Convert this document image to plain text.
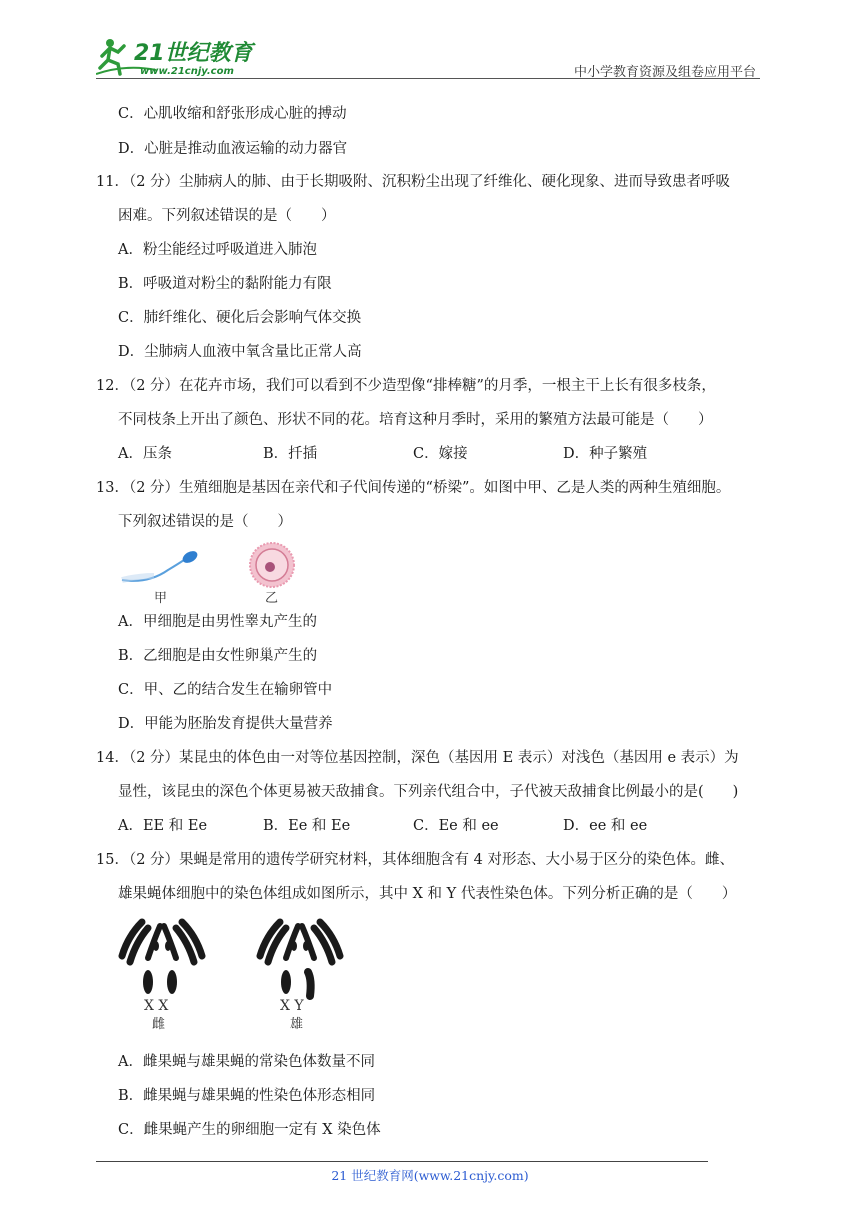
21世纪教育
www.21cnjy.com	中小学教育资源及组卷应用平台
C．心肌收缩和舒张形成心脏的搏动
D．心脏是推动血液运输的动力器官
11．（2 分）尘肺病人的肺、由于长期吸附、沉积粉尘出现了纤维化、硬化现象、进而导致患者呼吸
困难。下列叙述错误的是（　　）
A．粉尘能经过呼吸道进入肺泡
B．呼吸道对粉尘的黏附能力有限
C．肺纤维化、硬化后会影响气体交换
D．尘肺病人血液中氧含量比正常人高
12．（2 分）在花卉市场，我们可以看到不少造型像“排棒糖”的月季，一根主干上长有很多枝条，
不同枝条上开出了颜色、形状不同的花。培育这种月季时，采用的繁殖方法最可能是（　　）
A．压条	B．扦插	C．嫁接	D．种子繁殖
13．（2 分）生殖细胞是基因在亲代和子代间传递的“桥梁”。如图中甲、乙是人类的两种生殖细胞。
下列叙述错误的是（　　）
甲	乙
A．甲细胞是由男性睾丸产生的
B．乙细胞是由女性卵巢产生的
C．甲、乙的结合发生在输卵管中
D．甲能为胚胎发育提供大量营养
14．（2 分）某昆虫的体色由一对等位基因控制，深色（基因用 E 表示）对浅色（基因用 e 表示）为
显性，该昆虫的深色个体更易被天敌捕食。下列亲代组合中，子代被天敌捕食比例最小的是(　　)
A．EE 和 Ee	B．Ee 和 Ee	C．Ee 和 ee	D．ee 和 ee
15．（2 分）果蝇是常用的遗传学研究材料，其体细胞含有 4 对形态、大小易于区分的染色体。雌、
雄果蝇体细胞中的染色体组成如图所示，其中 X 和 Y 代表性染色体。下列分析正确的是（　　）
X X
雌
X Y
雄
A．雌果蝇与雄果蝇的常染色体数量不同
B．雌果蝇与雄果蝇的性染色体形态相同
C．雌果蝇产生的卵细胞一定有 X 染色体
21 世纪教育网(www.21cnjy.com)
